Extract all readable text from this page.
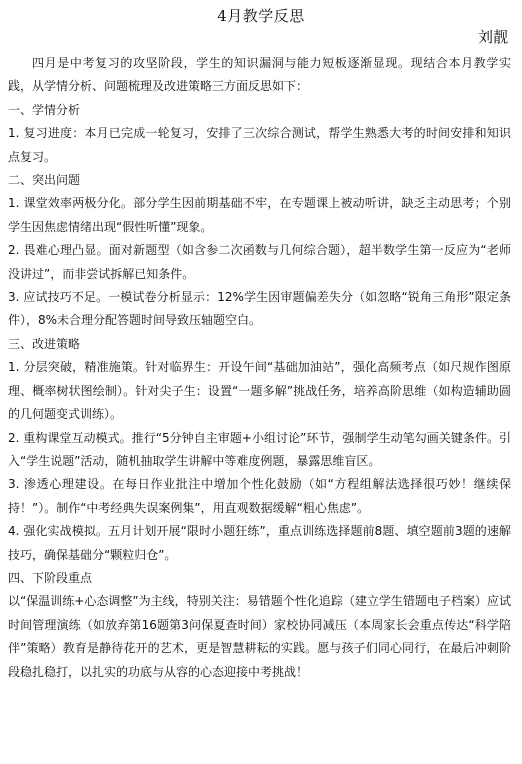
4月教学反思
刘靓

四月是中考复习的攻坚阶段，学生的知识漏洞与能力短板逐渐显现。现结合本月教学实践，从学情分析、问题梳理及改进策略三方面反思如下：

一、学情分析

1. 复习进度：本月已完成一轮复习，安排了三次综合测试，帮学生熟悉大考的时间安排和知识点复习。

二、突出问题

1. 课堂效率两极分化。部分学生因前期基础不牢，在专题课上被动听讲，缺乏主动思考；个别学生因焦虑情绪出现“假性听懂”现象。

2. 畏难心理凸显。面对新题型（如含参二次函数与几何综合题），超半数学生第一反应为“老师没讲过”，而非尝试拆解已知条件。

3. 应试技巧不足。一模试卷分析显示：12%学生因审题偏差失分（如忽略“锐角三角形”限定条件），8%未合理分配答题时间导致压轴题空白。

三、改进策略

1. 分层突破，精准施策。针对临界生：开设午间“基础加油站”，强化高频考点（如尺规作图原理、概率树状图绘制）。针对尖子生：设置“一题多解”挑战任务，培养高阶思维（如构造辅助圆的几何题变式训练）。

2. 重构课堂互动模式。推行“5分钟自主审题+小组讨论”环节，强制学生动笔勾画关键条件。引入“学生说题”活动，随机抽取学生讲解中等难度例题，暴露思维盲区。

3. 渗透心理建设。在每日作业批注中增加个性化鼓励（如“方程组解法选择很巧妙！继续保持！”）。制作“中考经典失误案例集”，用直观数据缓解“粗心焦虑”。

4. 强化实战模拟。五月计划开展“限时小题狂练”，重点训练选择题前8题、填空题前3题的速解技巧，确保基础分“颗粒归仓”。

四、下阶段重点

以“保温训练+心态调整”为主线，特别关注：易错题个性化追踪（建立学生错题电子档案）应试时间管理演练（如放弃第16题第3问保夏查时间）家校协同减压（本周家长会重点传达“科学陪伴”策略）教育是静待花开的艺术，更是智慧耕耘的实践。愿与孩子们同心同行，在最后冲刺阶段稳扎稳打，以扎实的功底与从容的心态迎接中考挑战！
